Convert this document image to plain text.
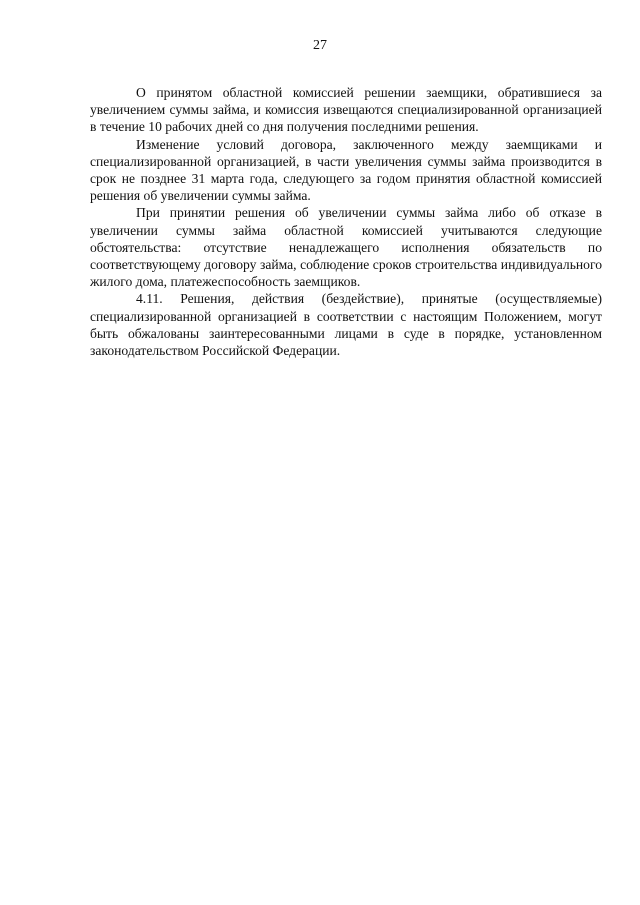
27

О принятом областной комиссией решении заемщики, обратившиеся за увеличением суммы займа, и комиссия извещаются специализированной организацией в течение 10 рабочих дней со дня получения последними решения.

Изменение условий договора, заключенного между заемщиками и специализированной организацией, в части увеличения суммы займа производится в срок не позднее 31 марта года, следующего за годом принятия областной комиссией решения об увеличении суммы займа.

При принятии решения об увеличении суммы займа либо об отказе в увеличении суммы займа областной комиссией учитываются следующие обстоятельства: отсутствие ненадлежащего исполнения обязательств по соответствующему договору займа, соблюдение сроков строительства индивидуального жилого дома, платежеспособность заемщиков.

4.11. Решения, действия (бездействие), принятые (осуществляемые) специализированной организацией в соответствии с настоящим Положением, могут быть обжалованы заинтересованными лицами в суде в порядке, установленном законодательством Российской Федерации.
